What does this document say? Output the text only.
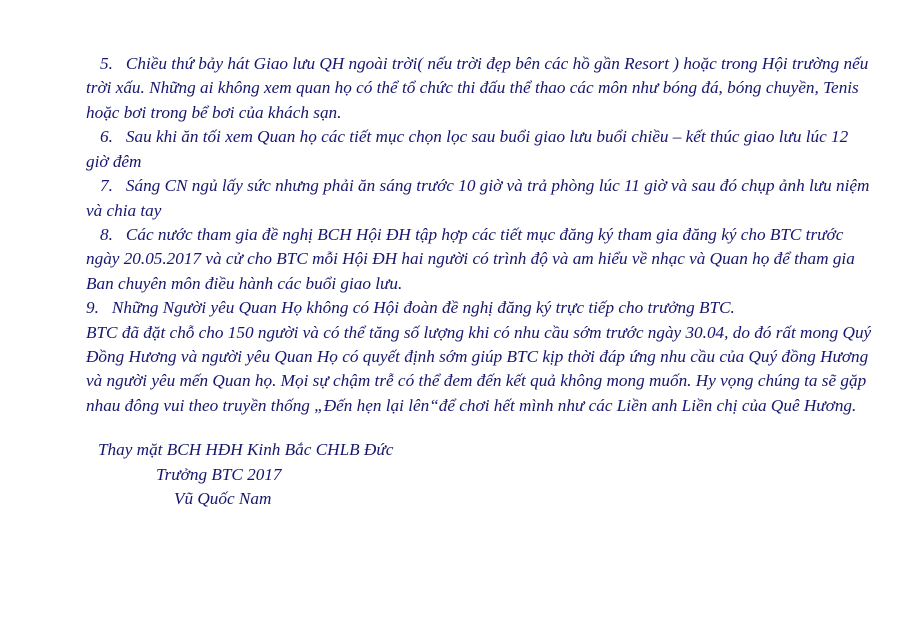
5. Chiều thứ bảy hát Giao lưu QH ngoài trời( nếu trời đẹp bên các hồ gần Resort ) hoặc trong Hội trường nếu trời xấu. Những ai không xem quan họ có thể tổ chức thi đấu thể thao các môn như bóng đá, bóng chuyền, Tenis hoặc bơi trong bể bơi của khách sạn.

6. Sau khi ăn tối xem Quan họ các tiết mục chọn lọc sau buổi giao lưu buổi chiều – kết thúc giao lưu lúc 12 giờ đêm

7. Sáng CN ngủ lấy sức nhưng phải ăn sáng trước 10 giờ và trả phòng lúc 11 giờ và sau đó chụp ảnh lưu niệm và chia tay

8. Các nước tham gia đề nghị BCH Hội ĐH tập hợp các tiết mục đăng ký tham gia đăng ký cho BTC trước ngày 20.05.2017 và cử cho BTC mỗi Hội ĐH hai người có trình độ và am hiểu về nhạc và Quan họ để tham gia Ban chuyên môn điều hành các buổi giao lưu.

9. Những Người yêu Quan Họ không có Hội đoàn đề nghị đăng ký trực tiếp cho trưởng BTC.

BTC đã đặt chỗ cho 150 người và có thể tăng số lượng khi có nhu cầu sớm trước ngày 30.04, do đó rất mong Quý Đồng Hương và người yêu Quan Họ có quyết định sớm giúp BTC kịp thời đáp ứng nhu cầu của Quý đồng Hương và người yêu mến Quan họ. Mọi sự chậm trễ có thể đem đến kết quả không mong muốn. Hy vọng chúng ta sẽ gặp nhau đông vui theo truyền thống „Đến hẹn lại lên“để chơi hết mình như các Liền anh Liền chị của Quê Hương.

Thay mặt BCH HĐH Kinh Bắc CHLB Đức

Trưởng BTC 2017

Vũ Quốc Nam
